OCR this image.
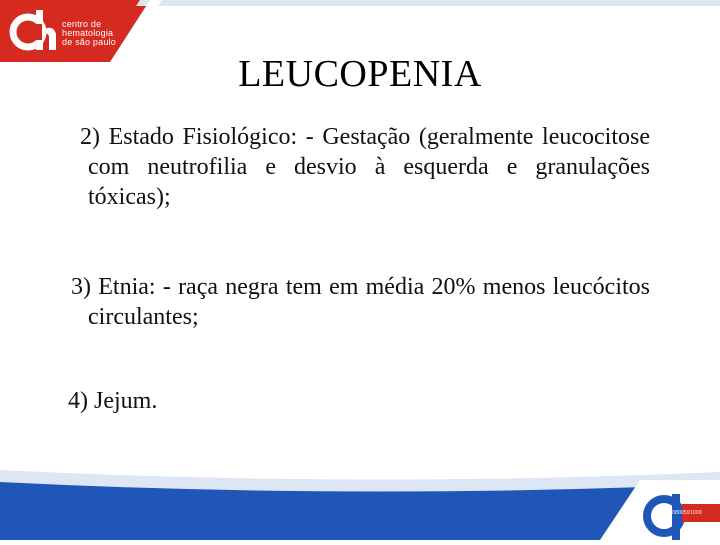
centro de
hematologia
de são paulo
LEUCOPENIA

2) Estado Fisiológico: - Gestação (geralmente leucocitose com neutrofilia e desvio à esquerda e granulações tóxicas);

3) Etnia: - raça negra tem em média 20% menos leucócitos circulantes;

4) Jejum.

0800591000
